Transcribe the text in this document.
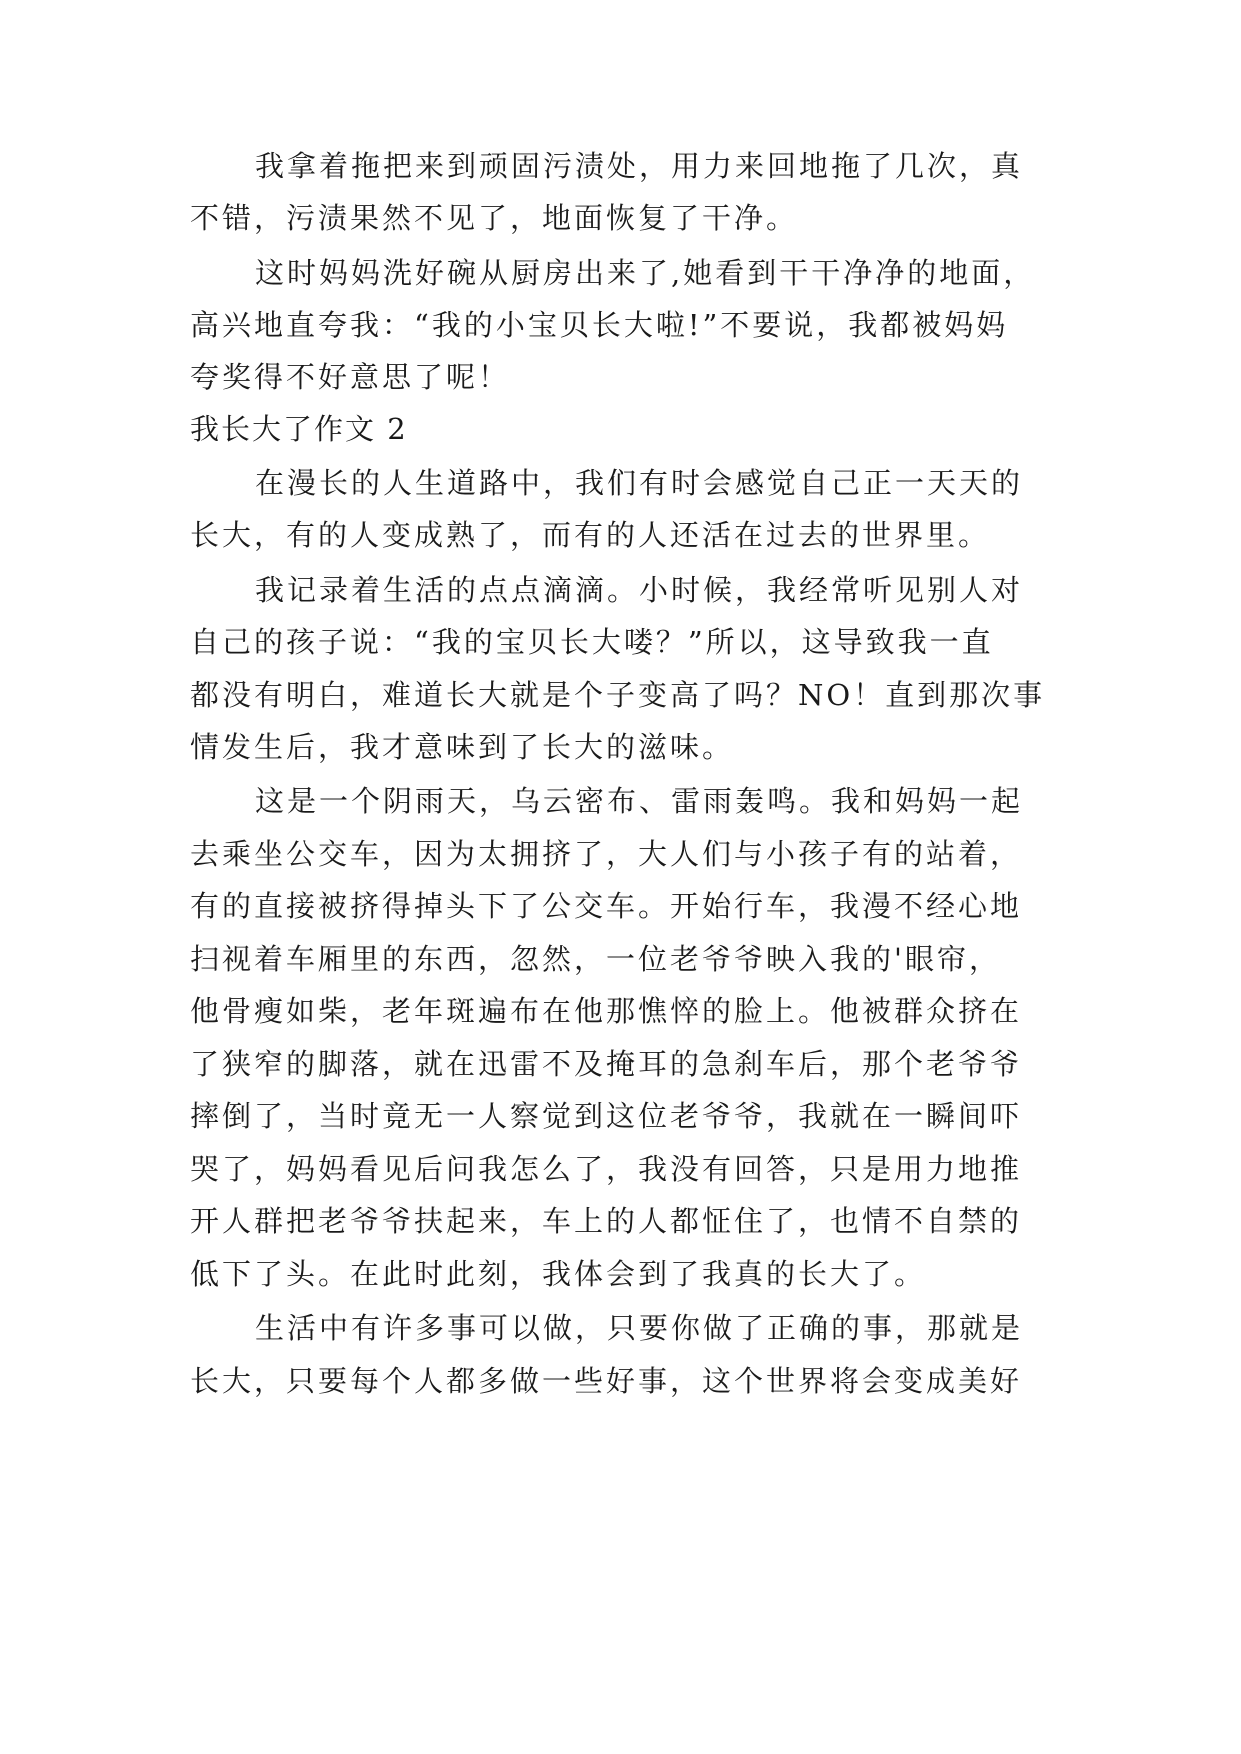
我拿着拖把来到顽固污渍处，用力来回地拖了几次，真
不错，污渍果然不见了，地面恢复了干净。
这时妈妈洗好碗从厨房出来了,她看到干干净净的地面，
高兴地直夸我：“我的小宝贝长大啦!”不要说，我都被妈妈
夸奖得不好意思了呢！
我长大了作文 2
在漫长的人生道路中，我们有时会感觉自己正一天天的
长大，有的人变成熟了，而有的人还活在过去的世界里。
我记录着生活的点点滴滴。小时候，我经常听见别人对
自己的孩子说：“我的宝贝长大喽？”所以，这导致我一直
都没有明白，难道长大就是个子变高了吗？NO！直到那次事
情发生后，我才意味到了长大的滋味。
这是一个阴雨天，乌云密布、雷雨轰鸣。我和妈妈一起
去乘坐公交车，因为太拥挤了，大人们与小孩子有的站着，
有的直接被挤得掉头下了公交车。开始行车，我漫不经心地
扫视着车厢里的东西，忽然，一位老爷爷映入我的'眼帘，
他骨瘦如柴，老年斑遍布在他那憔悴的脸上。他被群众挤在
了狭窄的脚落，就在迅雷不及掩耳的急刹车后，那个老爷爷
摔倒了，当时竟无一人察觉到这位老爷爷，我就在一瞬间吓
哭了，妈妈看见后问我怎么了，我没有回答，只是用力地推
开人群把老爷爷扶起来，车上的人都怔住了，也情不自禁的
低下了头。在此时此刻，我体会到了我真的长大了。
生活中有许多事可以做，只要你做了正确的事，那就是
长大，只要每个人都多做一些好事，这个世界将会变成美好
